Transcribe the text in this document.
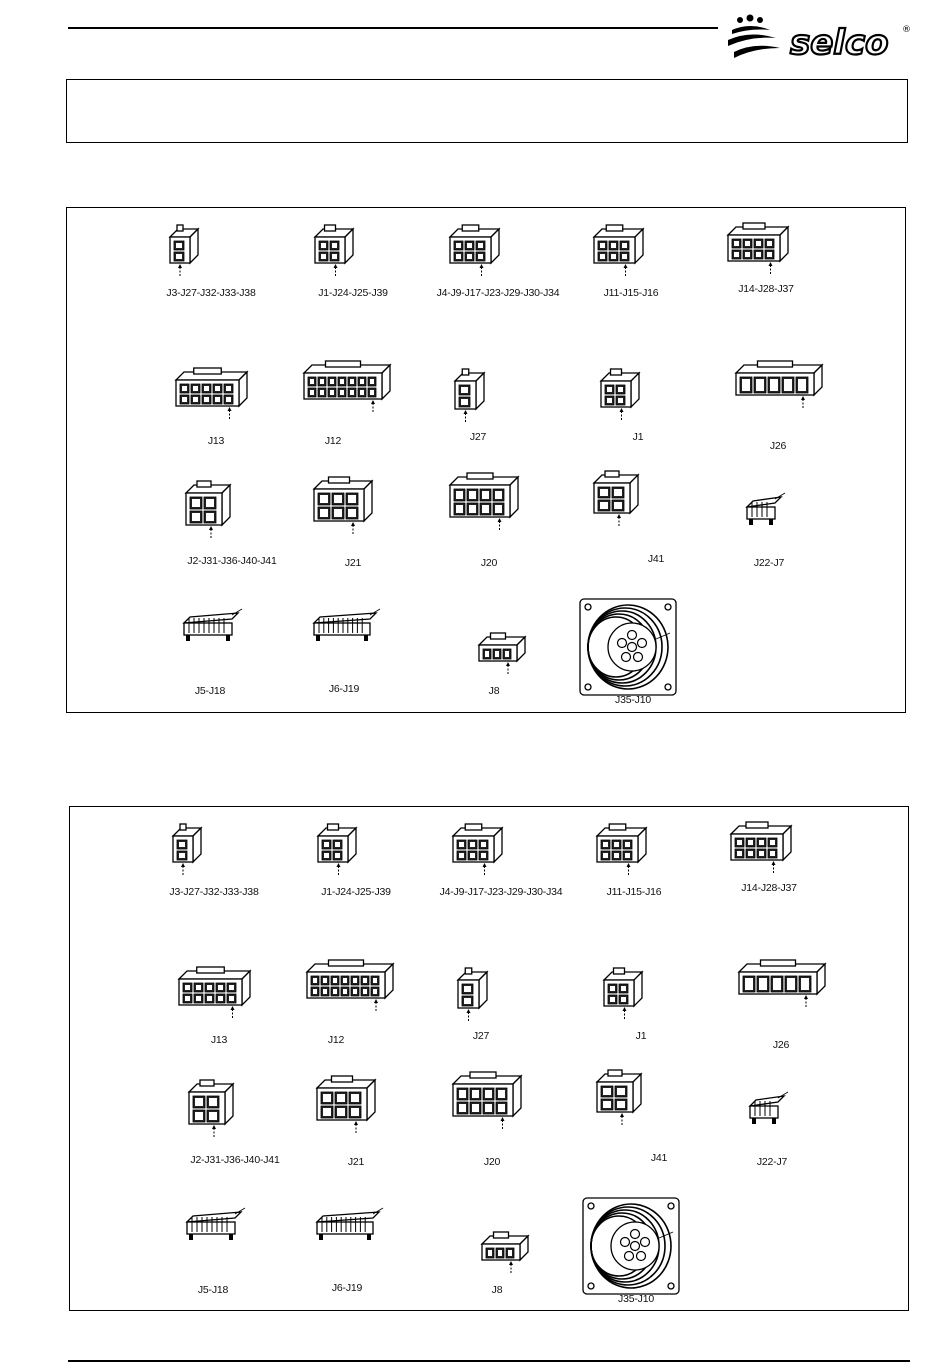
selco ®
J3-J27-J32-J33-J38	J1-J24-J25-J39	J4-J9-J17-J23-J29-J30-J34	J11-J15-J16	J14-J28-J37
J13	J12	J27	J1
J26
J2-J31-J36-J40-J41	J21	J20	J41	J22-J7
J5-J18	J6-J19	J8
J35-J10
J3-J27-J32-J33-J38	J1-J24-J25-J39	J4-J9-J17-J23-J29-J30-J34	J11-J15-J16	J14-J28-J37
J13	J12	J27	J1
J26
J2-J31-J36-J40-J41	J21	J20	J41	J22-J7
J5-J18	J6-J19	J8
J35-J10
